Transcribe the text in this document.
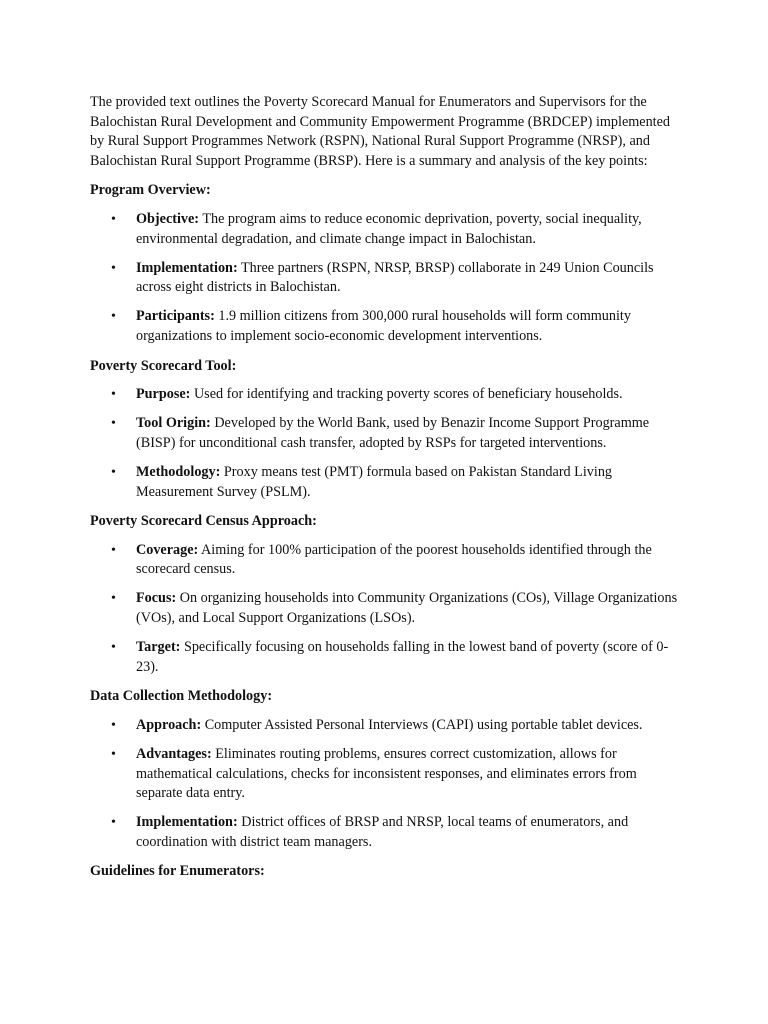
The provided text outlines the Poverty Scorecard Manual for Enumerators and Supervisors for the Balochistan Rural Development and Community Empowerment Programme (BRDCEP) implemented by Rural Support Programmes Network (RSPN), National Rural Support Programme (NRSP), and Balochistan Rural Support Programme (BRSP). Here is a summary and analysis of the key points:

Program Overview:
• Objective: The program aims to reduce economic deprivation, poverty, social inequality, environmental degradation, and climate change impact in Balochistan.
• Implementation: Three partners (RSPN, NRSP, BRSP) collaborate in 249 Union Councils across eight districts in Balochistan.
• Participants: 1.9 million citizens from 300,000 rural households will form community organizations to implement socio-economic development interventions.
Poverty Scorecard Tool:
• Purpose: Used for identifying and tracking poverty scores of beneficiary households.
• Tool Origin: Developed by the World Bank, used by Benazir Income Support Programme (BISP) for unconditional cash transfer, adopted by RSPs for targeted interventions.
• Methodology: Proxy means test (PMT) formula based on Pakistan Standard Living Measurement Survey (PSLM).
Poverty Scorecard Census Approach:
• Coverage: Aiming for 100% participation of the poorest households identified through the scorecard census.
• Focus: On organizing households into Community Organizations (COs), Village Organizations (VOs), and Local Support Organizations (LSOs).
• Target: Specifically focusing on households falling in the lowest band of poverty (score of 0-23).
Data Collection Methodology:
• Approach: Computer Assisted Personal Interviews (CAPI) using portable tablet devices.
• Advantages: Eliminates routing problems, ensures correct customization, allows for mathematical calculations, checks for inconsistent responses, and eliminates errors from separate data entry.
• Implementation: District offices of BRSP and NRSP, local teams of enumerators, and coordination with district team managers.
Guidelines for Enumerators:
